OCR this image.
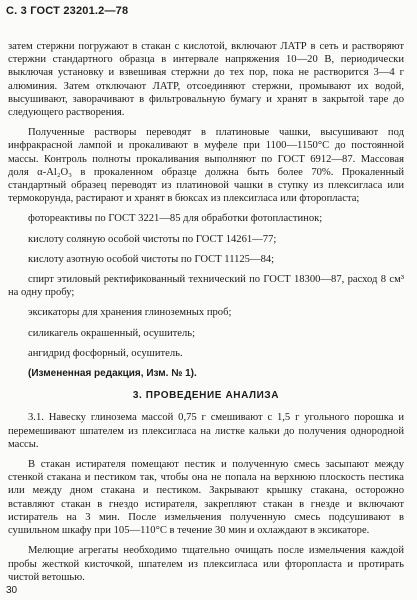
С. 3 ГОСТ 23201.2—78

затем стержни погружают в стакан с кислотой, включают ЛАТР в сеть и растворяют стержни стандартного образца в интервале напряжения 10—20 В, периодически выключая установку и взвешивая стержни до тех пор, пока не растворится 3—4 г алюминия. Затем отключают ЛАТР, отсоединяют стержни, промывают их водой, высушивают, заворачивают в фильтровальную бумагу и хранят в закрытой таре до следующего растворения.

Полученные растворы переводят в платиновые чашки, высушивают под инфракрасной лампой и прокаливают в муфеле при 1100—1150°С до постоянной массы. Контроль полноты прокаливания выполняют по ГОСТ 6912—87. Массовая доля α-Al₂O₃ в прокаленном образце должна быть более 70%. Прокаленный стандартный образец переводят из платиновой чашки в ступку из плексигласа или термокорунда, растирают и хранят в бюксах из плексигласа или фторопласта;

фотореактивы по ГОСТ 3221—85 для обработки фотопластинок;

кислоту соляную особой чистоты по ГОСТ 14261—77;

кислоту азотную особой чистоты по ГОСТ 11125—84;

спирт этиловый ректификованный технический по ГОСТ 18300—87, расход 8 см³ на одну пробу;

эксикаторы для хранения глиноземных проб;

силикагель окрашенный, осушитель;

ангидрид фосфорный, осушитель.

(Измененная редакция, Изм. № 1).

3. ПРОВЕДЕНИЕ АНАЛИЗА

3.1. Навеску глинозема массой 0,75 г смешивают с 1,5 г угольного порошка и перемешивают шпателем из плексигласа на листке кальки до получения однородной массы.

В стакан истирателя помещают пестик и полученную смесь засыпают между стенкой стакана и пестиком так, чтобы она не попала на верхнюю плоскость пестика или между дном стакана и пестиком. Закрывают крышку стакана, осторожно вставляют стакан в гнездо истирателя, закрепляют стакан в гнезде и включают истиратель на 3 мин. После измельчения полученную смесь подсушивают в сушильном шкафу при 105—110°С в течение 30 мин и охлаждают в эксикаторе.

Мелющие агрегаты необходимо тщательно очищать после измельчения каждой пробы жесткой кисточкой, шпателем из плексигласа или фторопласта и протирать чистой ветошью.

30
